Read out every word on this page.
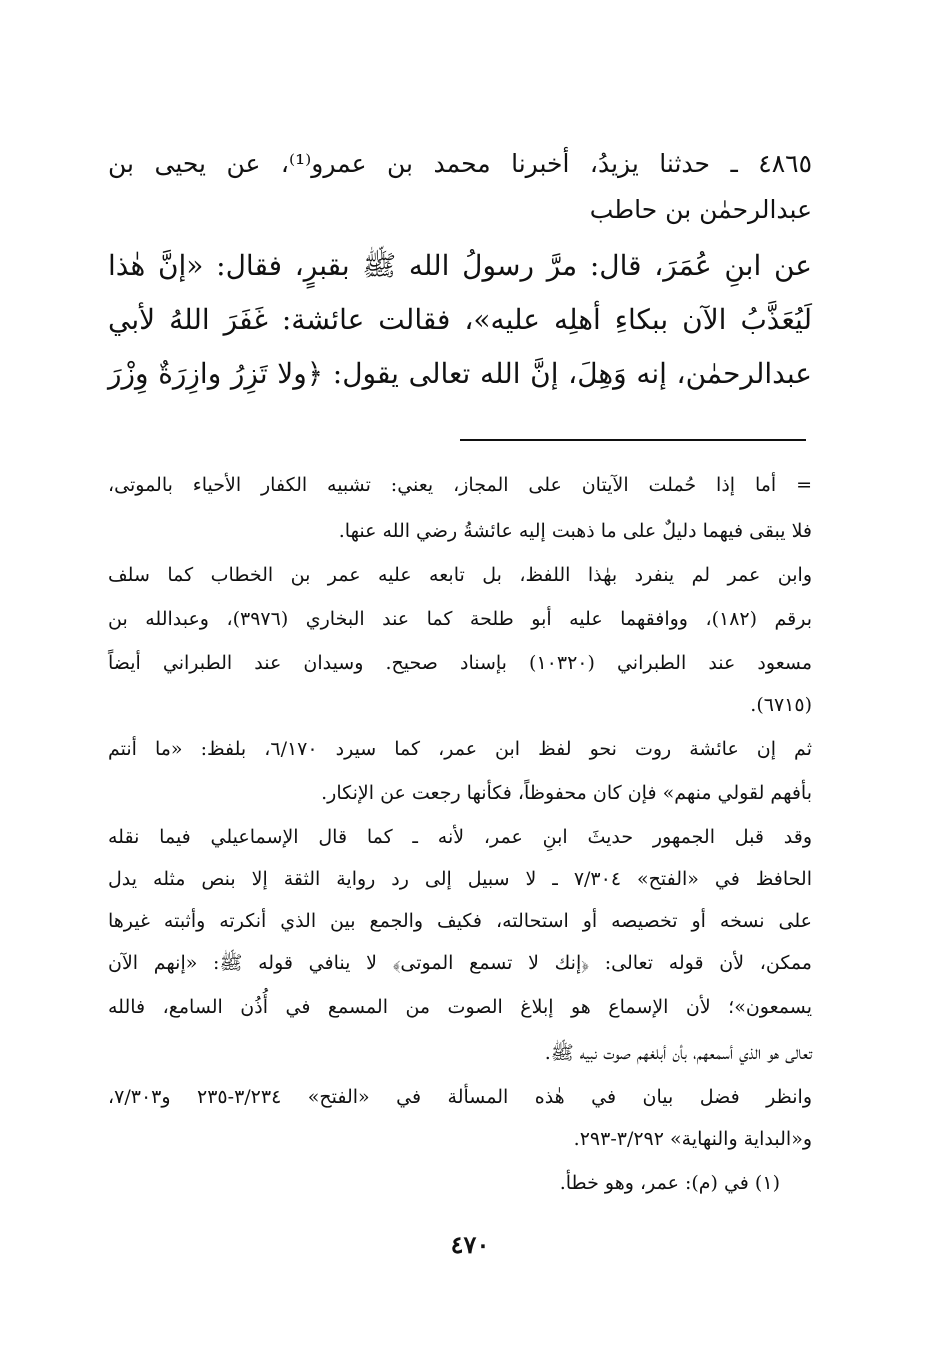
٤٨٦٥ ـ حدثنا يزيدُ، أخبرنا محمد بن عمرو⁽¹⁾، عن يحيى بن
عبدالرحمٰن بن حاطب
عن ابنِ عُمَرَ، قال: مرَّ رسولُ الله ﷺ بقبرٍ، فقال: «إنَّ هٰذا
لَيُعَذَّبُ الآن ببكاءِ أهلِه عليه»، فقالت عائشة: غَفَرَ اللهُ لأبي
عبدالرحمٰن، إنه وَهِلَ، إنَّ الله تعالى يقول: ﴿ولا تَزِرُ وازِرَةٌ وِزْرَ
= أما إذا حُملت الآيتان على المجاز، يعني: تشبيه الكفار الأحياء بالموتى،
فلا يبقى فيهما دليلٌ على ما ذهبت إليه عائشةُ رضي الله عنها.
وابن عمر لم ينفرد بهٰذا اللفظ، بل تابعه عليه عمر بن الخطاب كما سلف
برقم (١٨٢)، ووافقهما عليه أبو طلحة كما عند البخاري (٣٩٧٦)، وعبدالله بن
مسعود عند الطبراني (١٠٣٢٠) بإسناد صحيح. وسيدان عند الطبراني أيضاً
(٦٧١٥).
ثم إن عائشة روت نحو لفظ ابن عمر، كما سيرد ٦/١٧٠، بلفظ: «ما أنتم
بأفهم لقولي منهم» فإن كان محفوظاً، فكأنها رجعت عن الإنكار.
وقد قبل الجمهور حديثَ ابنِ عمر، لأنه ـ كما قال الإسماعيلي فيما نقله
الحافظ في «الفتح» ٧/٣٠٤ ـ لا سبيل إلى رد رواية الثقة إلا بنص مثله يدل
على نسخه أو تخصيصه أو استحالته، فكيف والجمع بين الذي أنكرته وأثبته غيرها
ممكن، لأن قوله تعالى: ﴿إنك لا تسمع الموتى﴾ لا ينافي قوله ﷺ: «إنهم الآن
يسمعون»؛ لأن الإسماع هو إبلاغ الصوت من المسمع في أُذُن السامع، فالله
تعالى هو الذي أسمعهم، بأن أبلغهم صوت نبيه ﷺ.
وانظر فضل بيان في هٰذه المسألة في «الفتح» ٣/٢٣٤-٢٣٥ و٧/٣٠٣،
و«البداية والنهاية» ٣/٢٩٢-٢٩٣.
(١) في (م): عمر، وهو خطأ.
٤٧٠
